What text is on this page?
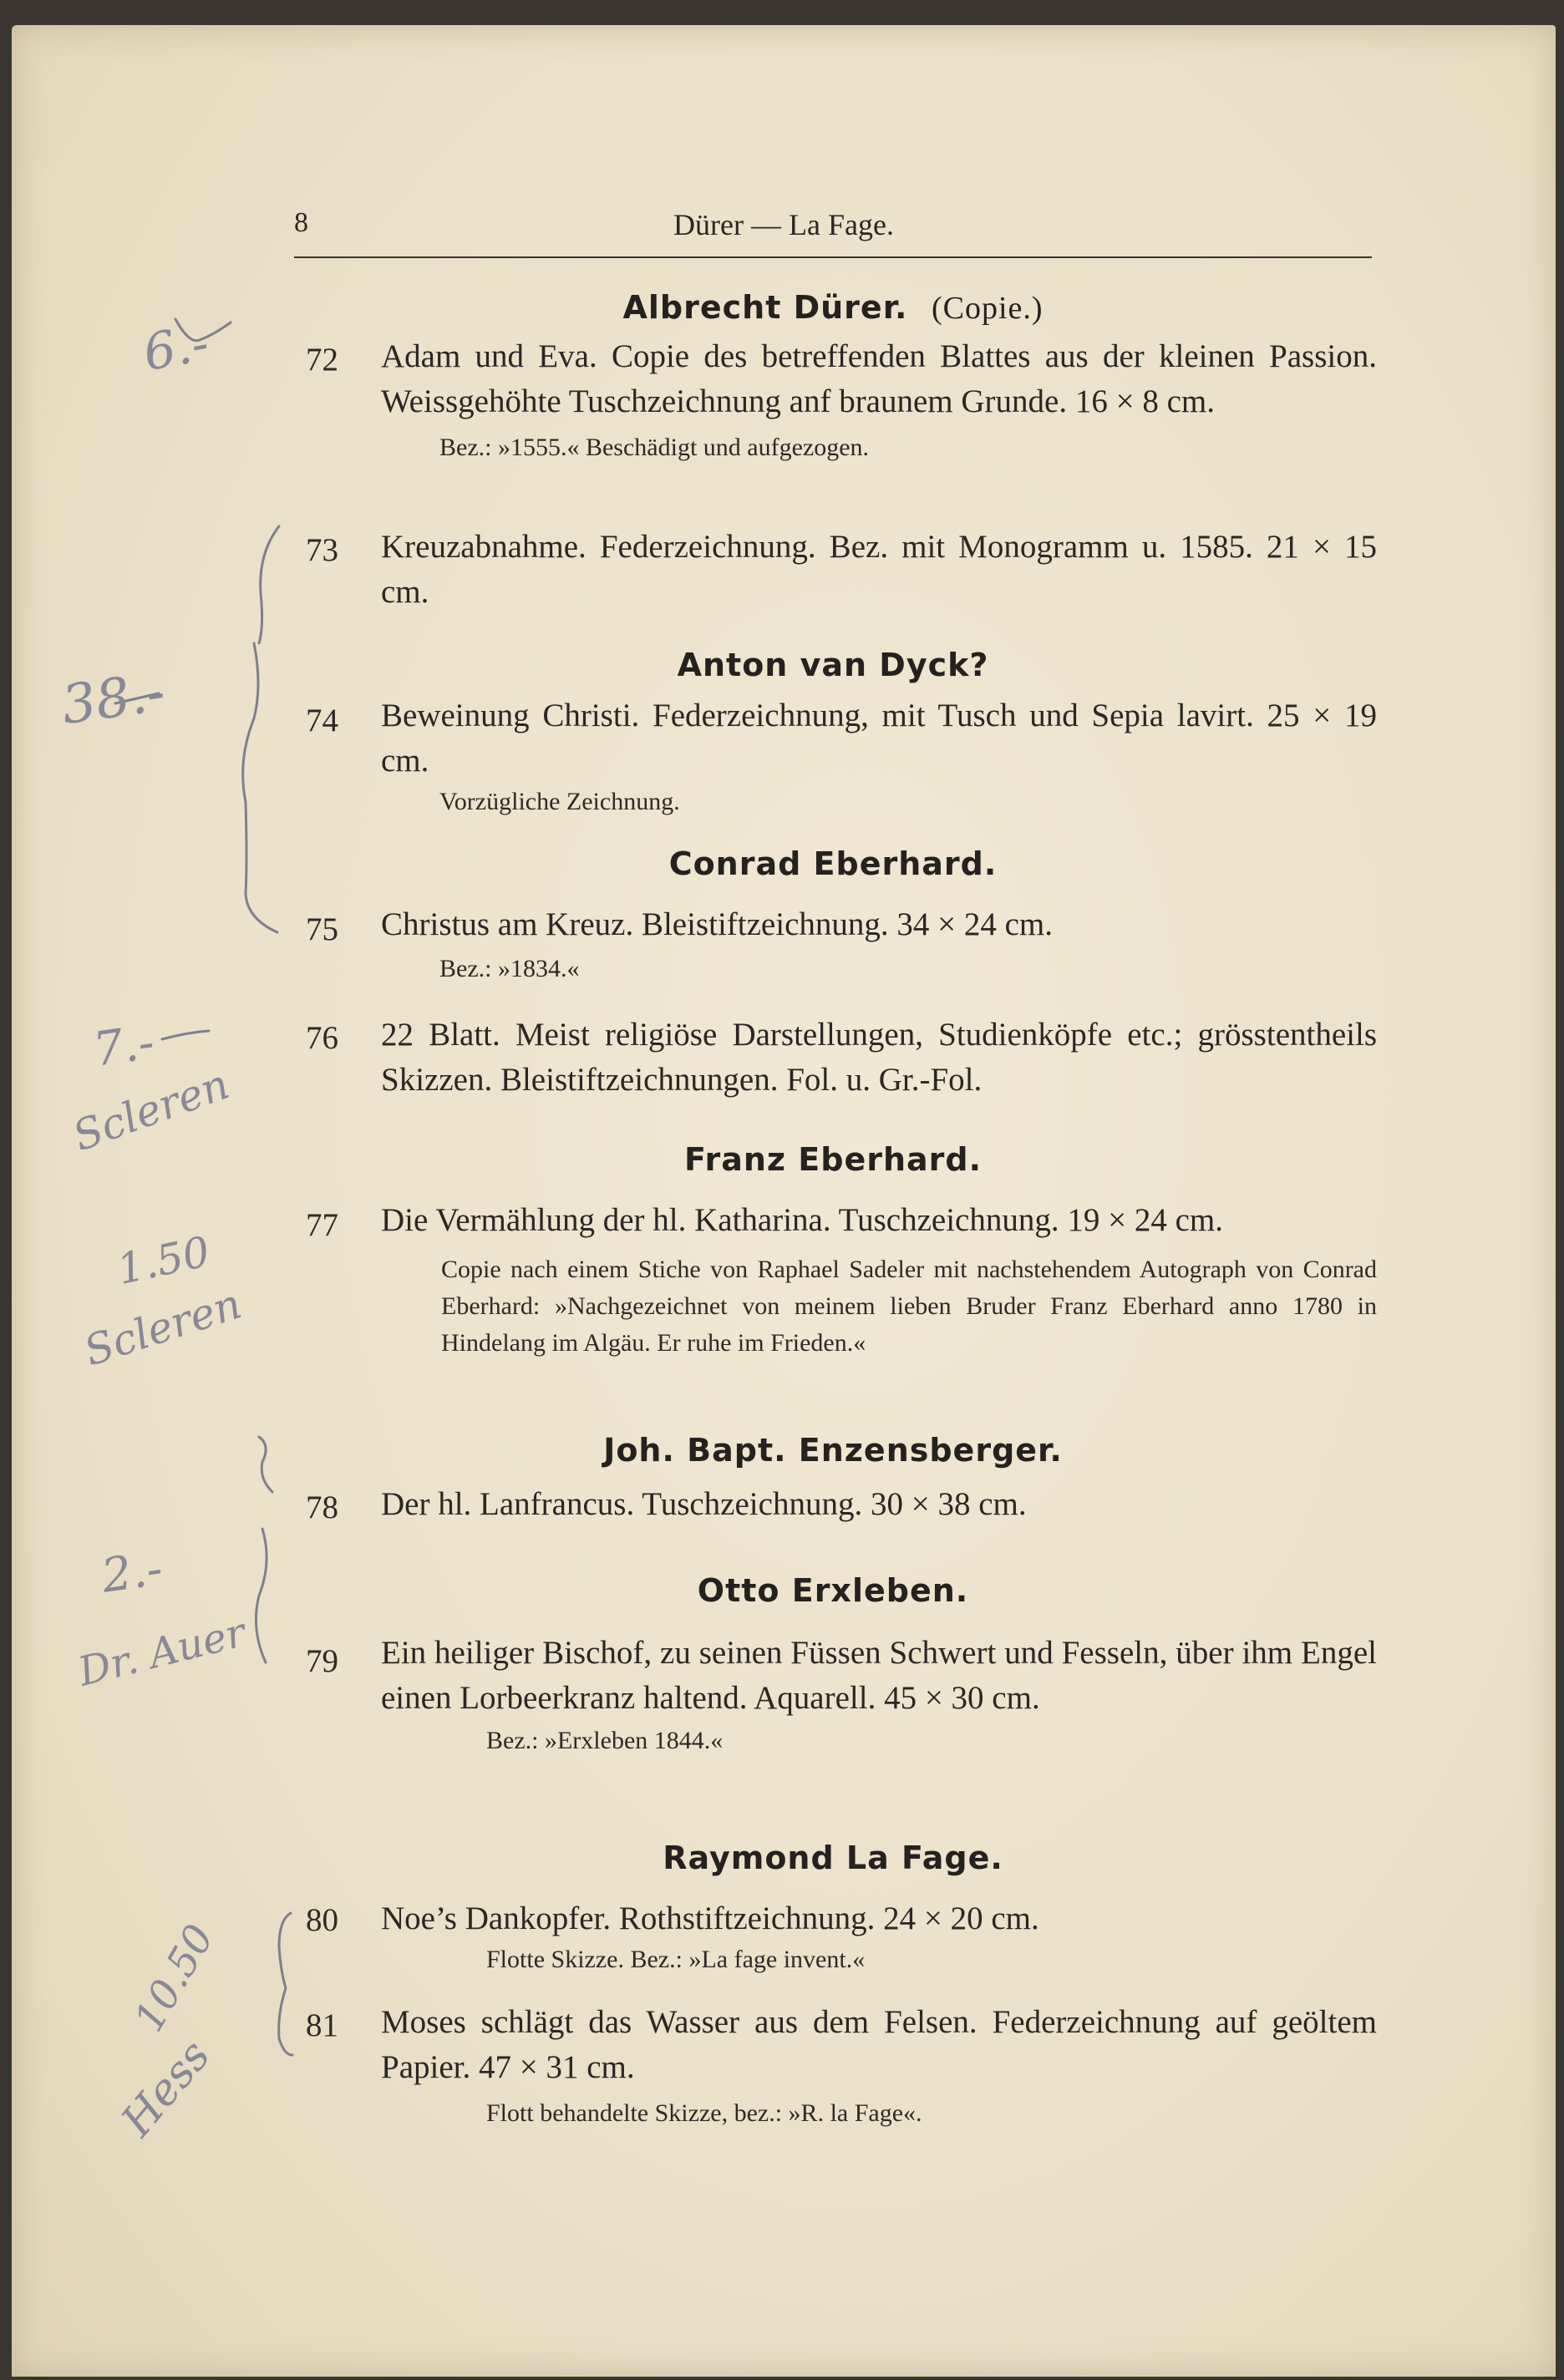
8	Dürer — La Fage.
Albrecht Dürer. (Copie.)
72	Adam und Eva. Copie des betreffenden Blattes aus der kleinen Passion. Weissgehöhte Tuschzeichnung anf braunem Grunde. 16 × 8 cm.
Bez.: »1555.« Beschädigt und aufgezogen.
73	Kreuzabnahme. Federzeichnung. Bez. mit Monogramm u. 1585. 21 × 15 cm.
Anton van Dyck?
74	Beweinung Christi. Federzeichnung, mit Tusch und Sepia lavirt. 25 × 19 cm.
Vorzügliche Zeichnung.
Conrad Eberhard.
75	Christus am Kreuz. Bleistiftzeichnung. 34 × 24 cm.
Bez.: »1834.«
76	22 Blatt. Meist religiöse Darstellungen, Studienköpfe etc.; grösstentheils Skizzen. Bleistiftzeichnungen. Fol. u. Gr.-Fol.
Franz Eberhard.
77	Die Vermählung der hl. Katharina. Tuschzeichnung. 19 × 24 cm.
Copie nach einem Stiche von Raphael Sadeler mit nachstehendem Autograph von Conrad Eberhard: »Nachgezeichnet von meinem lieben Bruder Franz Eberhard anno 1780 in Hindelang im Algäu. Er ruhe im Frieden.«
Joh. Bapt. Enzensberger.
78	Der hl. Lanfrancus. Tuschzeichnung. 30 × 38 cm.
Otto Erxleben.
79	Ein heiliger Bischof, zu seinen Füssen Schwert und Fesseln, über ihm Engel einen Lorbeerkranz haltend. Aquarell. 45 × 30 cm.
Bez.: »Erxleben 1844.«
Raymond La Fage.
80	Noe’s Dankopfer. Rothstiftzeichnung. 24 × 20 cm.
Flotte Skizze. Bez.: »La fage invent.«
81	Moses schlägt das Wasser aus dem Felsen. Federzeichnung auf geöltem Papier. 47 × 31 cm.
Flott behandelte Skizze, bez.: »R. la Fage«.
6.-
38.-
7.-
Scleren
1.50
Scleren
2.-
Dr. Auer
10.50
Hess
